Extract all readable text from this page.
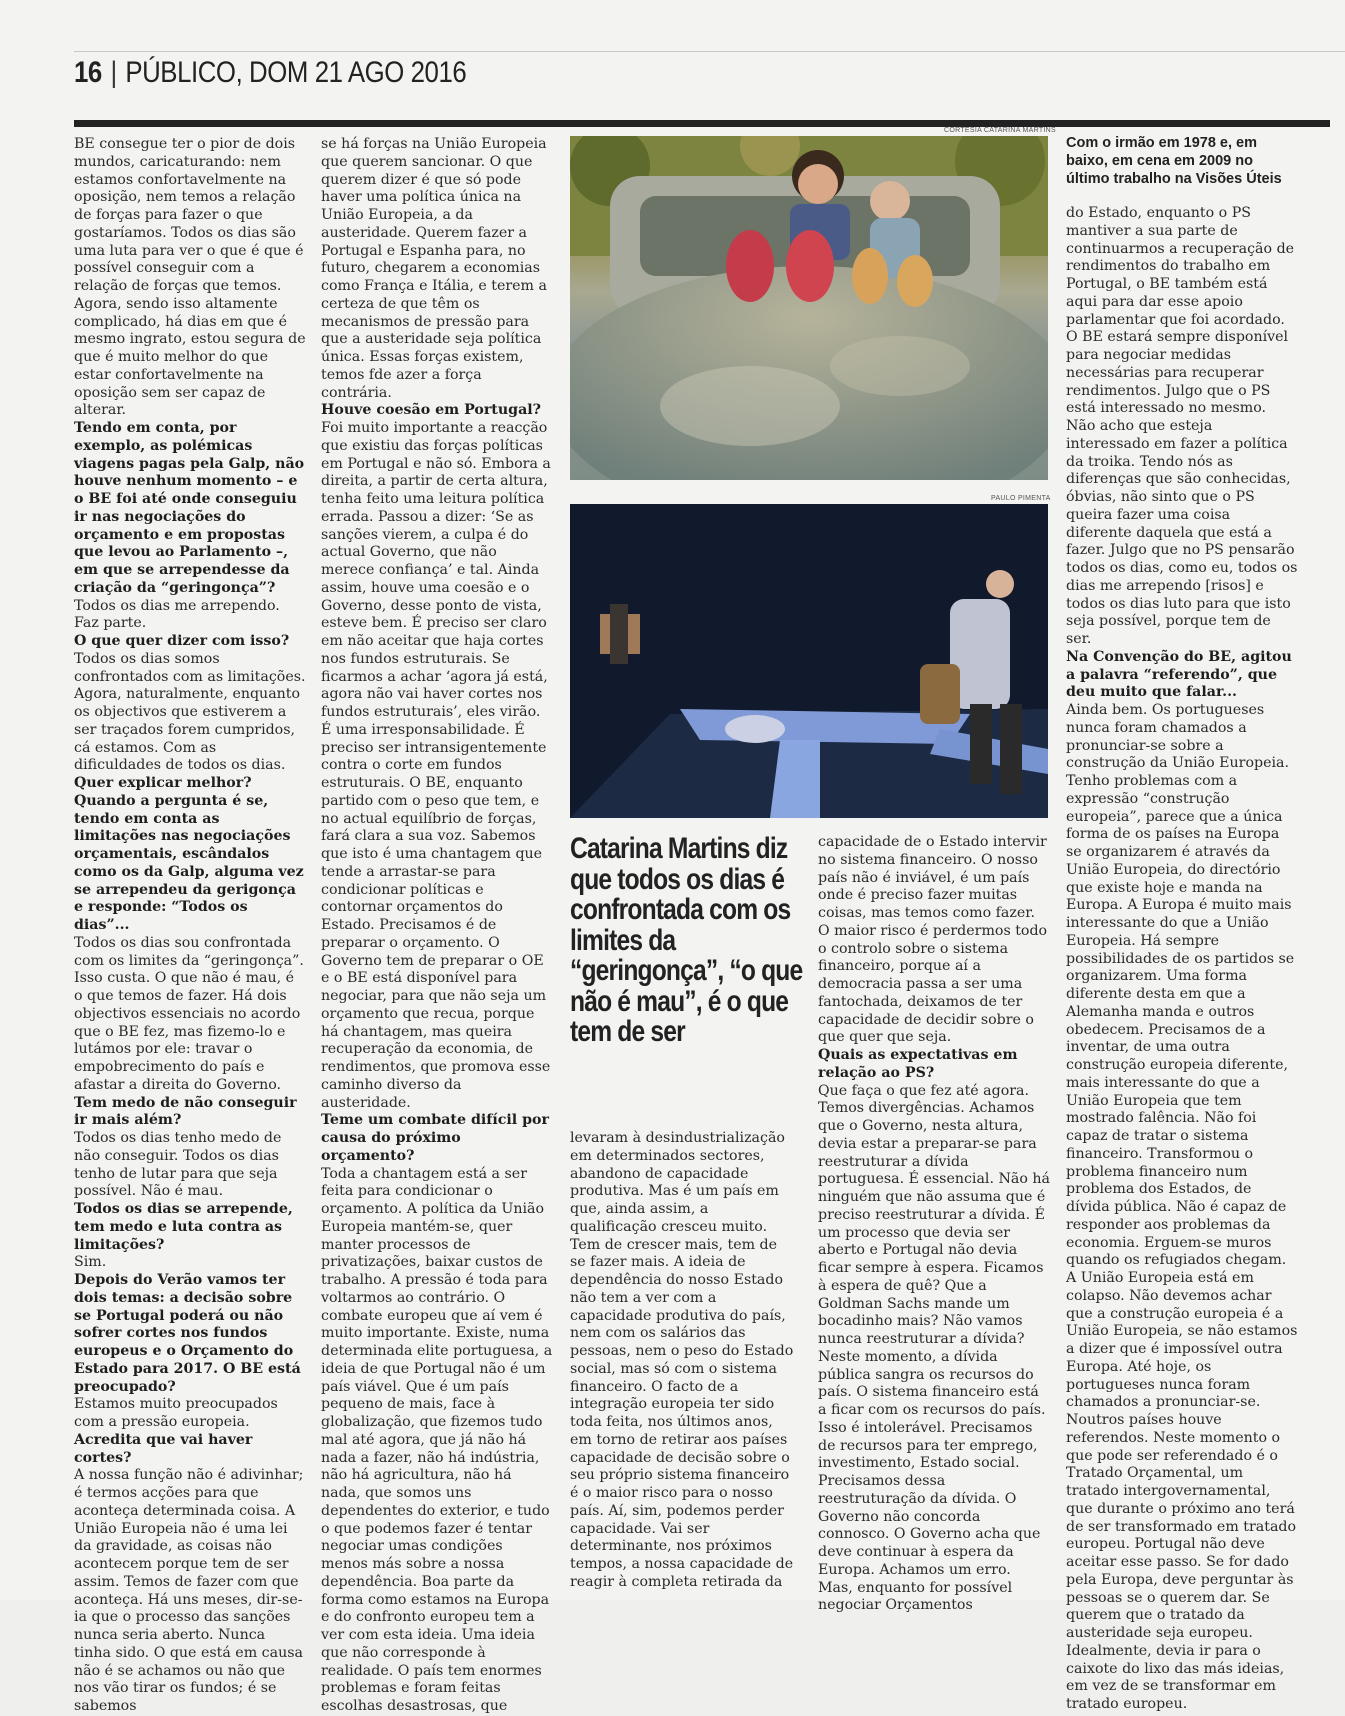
16 | PÚBLICO, DOM 21 AGO 2016

BE consegue ter o pior de dois mundos, caricaturando: nem estamos confortavelmente na oposição, nem temos a relação de forças para fazer o que gostaríamos. Todos os dias são uma luta para ver o que é que é possível conseguir com a relação de forças que temos. Agora, sendo isso altamente complicado, há dias em que é mesmo ingrato, estou segura de que é muito melhor do que estar confortavelmente na oposição sem ser capaz de alterar.

Tendo em conta, por exemplo, as polémicas viagens pagas pela Galp, não houve nenhum momento – e o BE foi até onde conseguiu ir nas negociações do orçamento e em propostas que levou ao Parlamento –, em que se arrependesse da criação da “geringonça”?

Todos os dias me arrependo. Faz parte.

O que quer dizer com isso?

Todos os dias somos confrontados com as limitações. Agora, naturalmente, enquanto os objectivos que estiverem a ser traçados forem cumpridos, cá estamos. Com as dificuldades de todos os dias.

Quer explicar melhor? Quando a pergunta é se, tendo em conta as limitações nas negociações orçamentais, escândalos como os da Galp, alguma vez se arrependeu da gerigonça e responde: “Todos os dias”...

Todos os dias sou confrontada com os limites da “geringonça”. Isso custa. O que não é mau, é o que temos de fazer. Há dois objectivos essenciais no acordo que o BE fez, mas fizemo-lo e lutámos por ele: travar o empobrecimento do país e afastar a direita do Governo.

Tem medo de não conseguir ir mais além?

Todos os dias tenho medo de não conseguir. Todos os dias tenho de lutar para que seja possível. Não é mau.

Todos os dias se arrepende, tem medo e luta contra as limitações?

Sim.

Depois do Verão vamos ter dois temas: a decisão sobre se Portugal poderá ou não sofrer cortes nos fundos europeus e o Orçamento do Estado para 2017. O BE está preocupado?

Estamos muito preocupados com a pressão europeia.

Acredita que vai haver cortes?

A nossa função não é adivinhar; é termos acções para que aconteça determinada coisa. A União Europeia não é uma lei da gravidade, as coisas não acontecem porque tem de ser assim. Temos de fazer com que aconteça. Há uns meses, dir-se-ia que o processo das sanções nunca seria aberto. Nunca tinha sido. O que está em causa não é se achamos ou não que nos vão tirar os fundos; é se sabemos

se há forças na União Europeia que querem sancionar. O que querem dizer é que só pode haver uma política única na União Europeia, a da austeridade. Querem fazer a Portugal e Espanha para, no futuro, chegarem a economias como França e Itália, e terem a certeza de que têm os mecanismos de pressão para que a austeridade seja política única. Essas forças existem, temos fde azer a força contrária.

Houve coesão em Portugal?

Foi muito importante a reacção que existiu das forças políticas em Portugal e não só. Embora a direita, a partir de certa altura, tenha feito uma leitura política errada. Passou a dizer: ‘Se as sanções vierem, a culpa é do actual Governo, que não merece confiança’ e tal. Ainda assim, houve uma coesão e o Governo, desse ponto de vista, esteve bem. É preciso ser claro em não aceitar que haja cortes nos fundos estruturais. Se ficarmos a achar ‘agora já está, agora não vai haver cortes nos fundos estruturais’, eles virão. É uma irresponsabilidade. É preciso ser intransigentemente contra o corte em fundos estruturais. O BE, enquanto partido com o peso que tem, e no actual equilíbrio de forças, fará clara a sua voz. Sabemos que isto é uma chantagem que tende a arrastar-se para condicionar políticas e contornar orçamentos do Estado. Precisamos é de preparar o orçamento. O Governo tem de preparar o OE e o BE está disponível para negociar, para que não seja um orçamento que recua, porque há chantagem, mas queira recuperação da economia, de rendimentos, que promova esse caminho diverso da austeridade.

Teme um combate difícil por causa do próximo orçamento?

Toda a chantagem está a ser feita para condicionar o orçamento. A política da União Europeia mantém-se, quer manter processos de privatizações, baixar custos de trabalho. A pressão é toda para voltarmos ao contrário. O combate europeu que aí vem é muito importante. Existe, numa determinada elite portuguesa, a ideia de que Portugal não é um país viável. Que é um país pequeno de mais, face à globalização, que fizemos tudo mal até agora, que já não há nada a fazer, não há indústria, não há agricultura, não há nada, que somos uns dependentes do exterior, e tudo o que podemos fazer é tentar negociar umas condições menos más sobre a nossa dependência. Boa parte da forma como estamos na Europa e do confronto europeu tem a ver com esta ideia. Uma ideia que não corresponde à realidade. O país tem enormes problemas e foram feitas escolhas desastrosas, que

CORTESIA CATARINA MARTINS
PAULO PIMENTA
Com o irmão em 1978 e, em baixo, em cena em 2009 no último trabalho na Visões Úteis
Catarina Martins diz que todos os dias é confrontada com os limites da “geringonça”, “o que não é mau”, é o que tem de ser

levaram à desindustrialização em determinados sectores, abandono de capacidade produtiva. Mas é um país em que, ainda assim, a qualificação cresceu muito. Tem de crescer mais, tem de se fazer mais. A ideia de dependência do nosso Estado não tem a ver com a capacidade produtiva do país, nem com os salários das pessoas, nem o peso do Estado social, mas só com o sistema financeiro. O facto de a integração europeia ter sido toda feita, nos últimos anos, em torno de retirar aos países capacidade de decisão sobre o seu próprio sistema financeiro é o maior risco para o nosso país. Aí, sim, podemos perder capacidade. Vai ser determinante, nos próximos tempos, a nossa capacidade de reagir à completa retirada da

capacidade de o Estado intervir no sistema financeiro. O nosso país não é inviável, é um país onde é preciso fazer muitas coisas, mas temos como fazer. O maior risco é perdermos todo o controlo sobre o sistema financeiro, porque aí a democracia passa a ser uma fantochada, deixamos de ter capacidade de decidir sobre o que quer que seja.

Quais as expectativas em relação ao PS?

Que faça o que fez até agora. Temos divergências. Achamos que o Governo, nesta altura, devia estar a preparar-se para reestruturar a dívida portuguesa. É essencial. Não há ninguém que não assuma que é preciso reestruturar a dívida. É um processo que devia ser aberto e Portugal não devia ficar sempre à espera. Ficamos à espera de quê? Que a Goldman Sachs mande um bocadinho mais? Não vamos nunca reestruturar a dívida? Neste momento, a dívida pública sangra os recursos do país. O sistema financeiro está a ficar com os recursos do país. Isso é intolerável. Precisamos de recursos para ter emprego, investimento, Estado social. Precisamos dessa reestruturação da dívida. O Governo não concorda connosco. O Governo acha que deve continuar à espera da Europa. Achamos um erro. Mas, enquanto for possível negociar Orçamentos

do Estado, enquanto o PS mantiver a sua parte de continuarmos a recuperação de rendimentos do trabalho em Portugal, o BE também está aqui para dar esse apoio parlamentar que foi acordado. O BE estará sempre disponível para negociar medidas necessárias para recuperar rendimentos. Julgo que o PS está interessado no mesmo. Não acho que esteja interessado em fazer a política da troika. Tendo nós as diferenças que são conhecidas, óbvias, não sinto que o PS queira fazer uma coisa diferente daquela que está a fazer. Julgo que no PS pensarão todos os dias, como eu, todos os dias me arrependo [risos] e todos os dias luto para que isto seja possível, porque tem de ser.

Na Convenção do BE, agitou a palavra “referendo”, que deu muito que falar...

Ainda bem. Os portugueses nunca foram chamados a pronunciar-se sobre a construção da União Europeia. Tenho problemas com a expressão “construção europeia”, parece que a única forma de os países na Europa se organizarem é através da União Europeia, do directório que existe hoje e manda na Europa. A Europa é muito mais interessante do que a União Europeia. Há sempre possibilidades de os partidos se organizarem. Uma forma diferente desta em que a Alemanha manda e outros obedecem. Precisamos de a inventar, de uma outra construção europeia diferente, mais interessante do que a União Europeia que tem mostrado falência. Não foi capaz de tratar o sistema financeiro. Transformou o problema financeiro num problema dos Estados, de dívida pública. Não é capaz de responder aos problemas da economia. Erguem-se muros quando os refugiados chegam. A União Europeia está em colapso. Não devemos achar que a construção europeia é a União Europeia, se não estamos a dizer que é impossível outra Europa. Até hoje, os portugueses nunca foram chamados a pronunciar-se. Noutros países houve referendos. Neste momento o que pode ser referendado é o Tratado Orçamental, um tratado intergovernamental, que durante o próximo ano terá de ser transformado em tratado europeu. Portugal não deve aceitar esse passo. Se for dado pela Europa, deve perguntar às pessoas se o querem dar. Se querem que o tratado da austeridade seja europeu. Idealmente, devia ir para o caixote do lixo das más ideias, em vez de se transformar em tratado europeu.
